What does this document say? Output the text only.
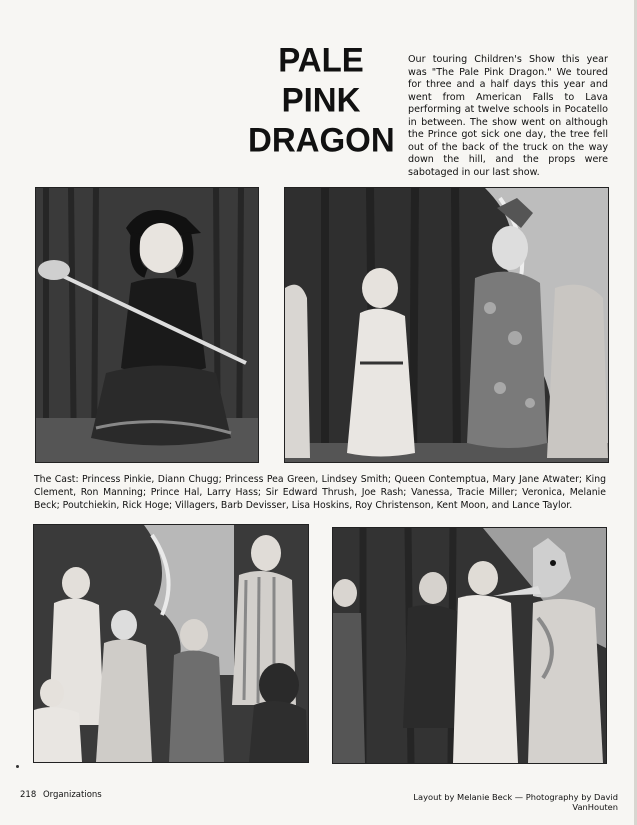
PALE
PINK
DRAGON
Our touring Children's Show this year was "The Pale Pink Dragon." We toured for three and a half days this year and went from American Falls to Lava performing at twelve schools in Pocatello in between. The show went on although the Prince got sick one day, the tree fell out of the back of the truck on the way down the hill, and the props were sabotaged in our last show.
The Cast: Princess Pinkie, Diann Chugg; Princess Pea Green, Lindsey Smith; Queen Contemptua, Mary Jane Atwater; King Clement, Ron Manning; Prince Hal, Larry Hass; Sir Edward Thrush, Joe Rash; Vanessa, Tracie Miller; Veronica, Melanie Beck; Poutchiekin, Rick Hoge; Villagers, Barb Devisser, Lisa Hoskins, Roy Christenson, Kent Moon, and Lance Taylor.
218 Organizations	Layout by Melanie Beck — Photography by David VanHouten
